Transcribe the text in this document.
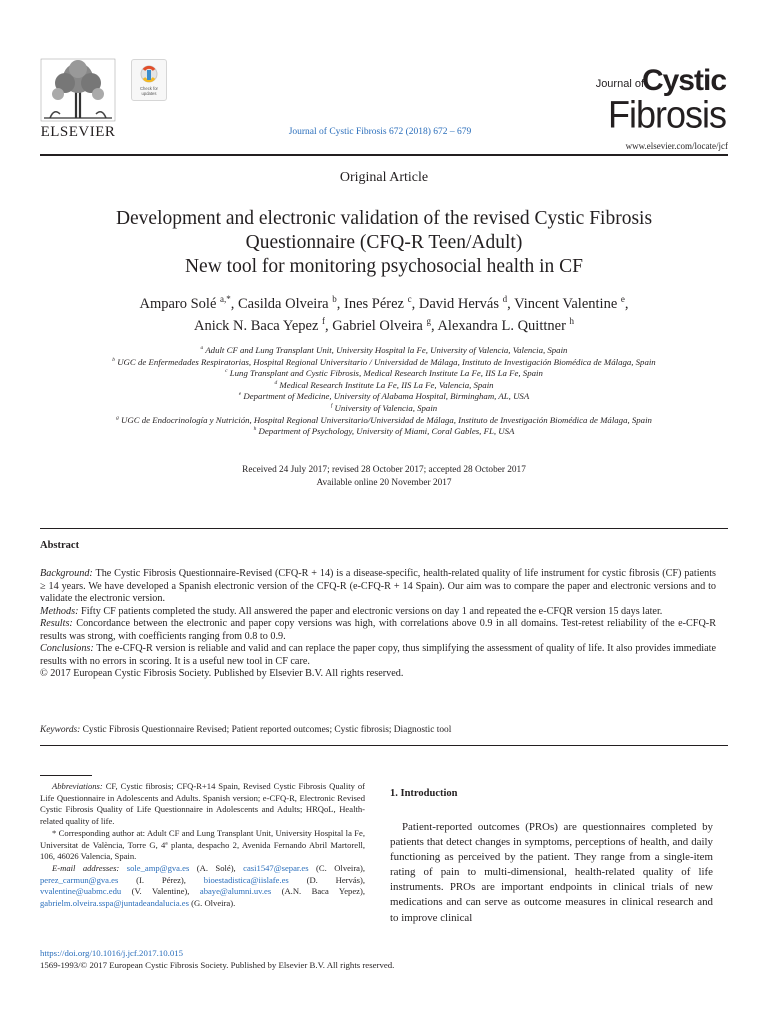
ELSEVIER
Check for
updates
Journal of Cystic Fibrosis 672 (2018) 672 – 679
Journal of
Cystic
Fibrosis
www.elsevier.com/locate/jcf
Original Article
Development and electronic validation of the revised Cystic Fibrosis
Questionnaire (CFQ-R Teen/Adult)
New tool for monitoring psychosocial health in CF
Amparo Solé $^{a,*}$, Casilda Olveira $^b$, Ines Pérez $^c$, David Hervás $^d$, Vincent Valentine $^e$,
Anick N. Baca Yepez $^f$, Gabriel Olveira $^g$, Alexandra L. Quittner $^h$
$^a$ Adult CF and Lung Transplant Unit, University Hospital la Fe, University of Valencia, Valencia, Spain
$^b$ UGC de Enfermedades Respiratorias, Hospital Regional Universitario / Universidad de Málaga, Instituto de Investigación Biomédica de Málaga, Spain
$^c$ Lung Transplant and Cystic Fibrosis, Medical Research Institute La Fe, IIS La Fe, Spain
$^d$ Medical Research Institute La Fe, IIS La Fe, Valencia, Spain
$^e$ Department of Medicine, University of Alabama Hospital, Birmingham, AL, USA
$^f$ University of Valencia, Spain
$^g$ UGC de Endocrinología y Nutrición, Hospital Regional Universitario/Universidad de Málaga, Instituto de Investigación Biomédica de Málaga, Spain
$^h$ Department of Psychology, University of Miami, Coral Gables, FL, USA
Received 24 July 2017; revised 28 October 2017; accepted 28 October 2017
Available online 20 November 2017
Abstract

Background: The Cystic Fibrosis Questionnaire-Revised (CFQ-R + 14) is a disease-specific, health-related quality of life instrument for cystic fibrosis (CF) patients ≥ 14 years. We have developed a Spanish electronic version of the CFQ-R (e-CFQ-R + 14 Spain). Our aim was to compare the paper and electronic versions and to validate the electronic version.

Methods: Fifty CF patients completed the study. All answered the paper and electronic versions on day 1 and repeated the e-CFQR version 15 days later.

Results: Concordance between the electronic and paper copy versions was high, with correlations above 0.9 in all domains. Test-retest reliability of the e-CFQ-R results was strong, with coefficients ranging from 0.8 to 0.9.

Conclusions: The e-CFQ-R version is reliable and valid and can replace the paper copy, thus simplifying the assessment of quality of life. It also provides immediate results with no errors in scoring. It is a useful new tool in CF care.

© 2017 European Cystic Fibrosis Society. Published by Elsevier B.V. All rights reserved.

Keywords: Cystic Fibrosis Questionnaire Revised; Patient reported outcomes; Cystic fibrosis; Diagnostic tool

Abbreviations: CF, Cystic fibrosis; CFQ-R+14 Spain, Revised Cystic Fibrosis Quality of Life Questionnaire in Adolescents and Adults. Spanish version; e-CFQ-R, Electronic Revised Cystic Fibrosis Quality of Life Questionnaire in Adolescents and Adults; HRQoL, Health-related quality of life.

* Corresponding author at: Adult CF and Lung Transplant Unit, University Hospital la Fe, Universitat de València, Torre G, 4ª planta, despacho 2, Avenida Fernando Abril Martorell, 106, 46026 Valencia, Spain.

E-mail addresses: sole_amp@gva.es (A. Solé), casi1547@separ.es (C. Olveira), perez_carmun@gva.es (I. Pérez), bioestadistica@iislafe.es (D. Hervás), vvalentine@uabmc.edu (V. Valentine), abaye@alumni.uv.es (A.N. Baca Yepez), gabrielm.olveira.sspa@juntadeandalucia.es (G. Olveira).

https://doi.org/10.1016/j.jcf.2017.10.015
1569-1993/© 2017 European Cystic Fibrosis Society. Published by Elsevier B.V. All rights reserved.
1. Introduction

Patient-reported outcomes (PROs) are questionnaires completed by patients that detect changes in symptoms, perceptions of health, and daily functioning as perceived by the patient. They range from a single-item rating of pain to multi-dimensional, health-related quality of life instruments. PROs are important endpoints in clinical trials of new medications and can serve as outcome measures in clinical research and to improve clinical
